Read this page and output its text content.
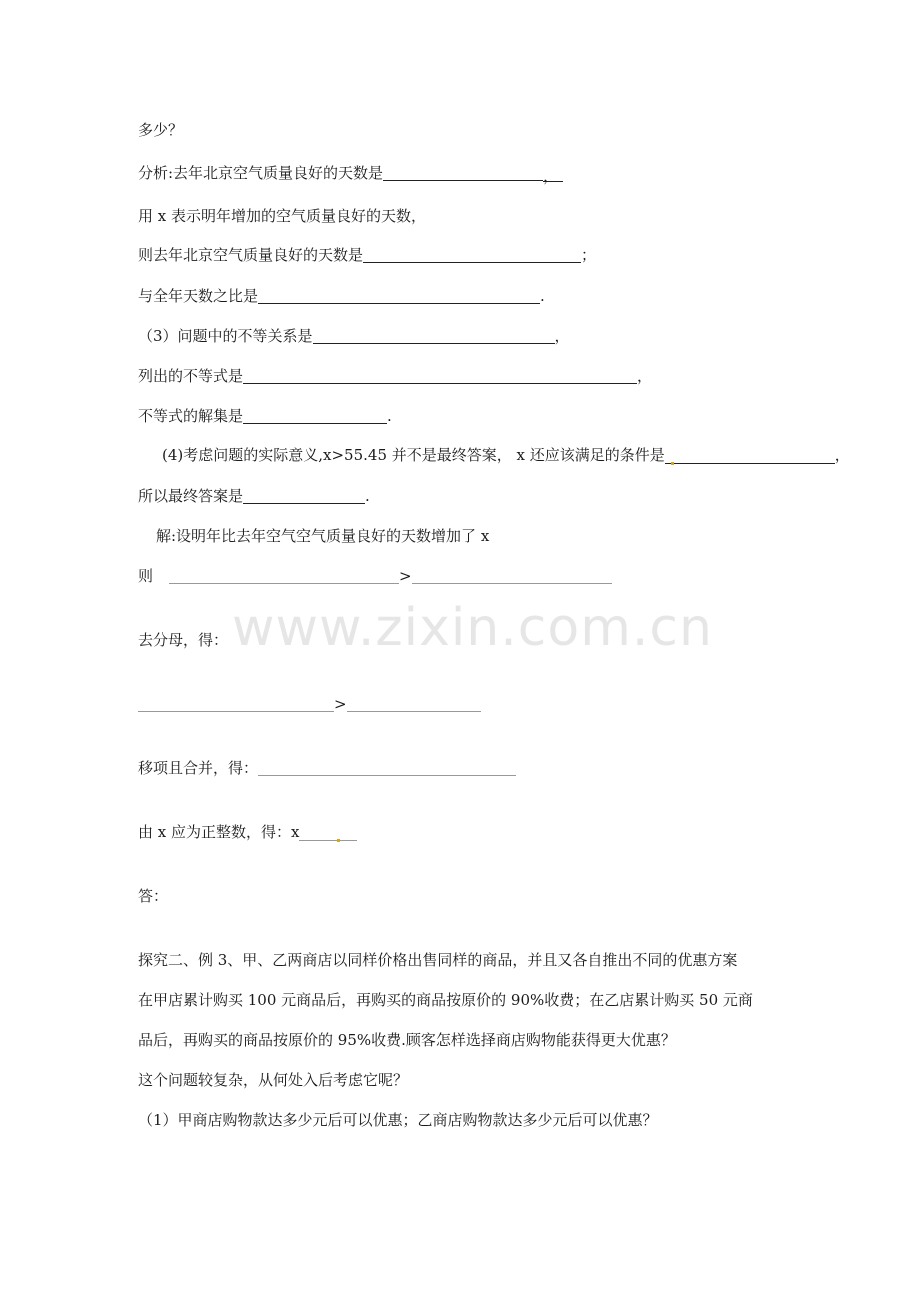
www.zixin.com.cn
多少？
分析:去年北京空气质量良好的天数是	，
用 x 表示明年增加的空气质量良好的天数，
则去年北京空气质量良好的天数是	；
与全年天数之比是	.
（3）问题中的不等关系是	，
列出的不等式是	，
不等式的解集是	.
(4)考虑问题的实际意义,x>55.45 并不是最终答案， x 还应该满足的条件是	，
所以最终答案是	.
解:设明年比去年空气空气质量良好的天数增加了 x
则	>
去分母，得：
>
移项且合并，得：
由 x 应为正整数，得：x
答：
探究二、例 3、甲、乙两商店以同样价格出售同样的商品，并且又各自推出不同的优惠方案
在甲店累计购买 100 元商品后，再购买的商品按原价的 90%收费；在乙店累计购买 50 元商
品后，再购买的商品按原价的 95%收费.顾客怎样选择商店购物能获得更大优惠？
这个问题较复杂，从何处入后考虑它呢？
（1）甲商店购物款达多少元后可以优惠；乙商店购物款达多少元后可以优惠？
